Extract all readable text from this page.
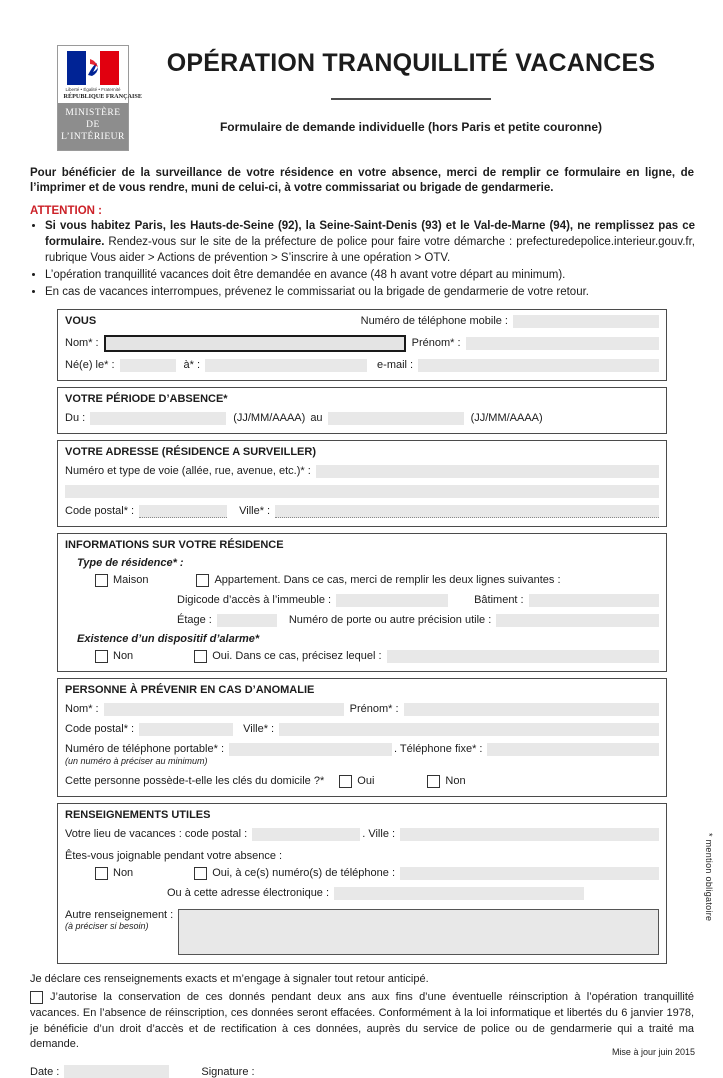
Liberté • Égalité • Fraternité
RÉPUBLIQUE FRANÇAISE
MINISTÈRE
DE
L’INTÉRIEUR
OPÉRATION TRANQUILLITÉ VACANCES
Formulaire de demande individuelle (hors Paris et petite couronne)

Pour bénéficier de la surveillance de votre résidence en votre absence, merci de remplir ce formulaire en ligne, de l’imprimer et de vous rendre, muni de celui-ci, à votre commissariat ou brigade de gendarmerie.

ATTENTION :
• Si vous habitez Paris, les Hauts-de-Seine (92), la Seine-Saint-Denis (93) et le Val-de-Marne (94), ne remplissez pas ce formulaire. Rendez-vous sur le site de la préfecture de police pour faire votre démarche : prefecturedepolice.interieur.gouv.fr, rubrique Vous aider > Actions de prévention > S’inscrire à une opération > OTV.
• L’opération tranquillité vacances doit être demandée en avance (48 h avant votre départ au minimum).
• En cas de vacances interrompues, prévenez le commissariat ou la brigade de gendarmerie de votre retour.
VOUS	Numéro de téléphone mobile :
Nom* :	Prénom* :
Né(e) le* :	à* :	e-mail :
VOTRE PÉRIODE D’ABSENCE*
Du :	(JJ/MM/AAAA) au	(JJ/MM/AAAA)
VOTRE ADRESSE (RÉSIDENCE A SURVEILLER)
Numéro et type de voie (allée, rue, avenue, etc.)* :
Code postal* :	Ville* :
INFORMATIONS SUR VOTRE RÉSIDENCE
Type de résidence* :
Maison	Appartement. Dans ce cas, merci de remplir les deux lignes suivantes :
Digicode d’accès à l’immeuble :	Bâtiment :
Étage :	Numéro de porte ou autre précision utile :
Existence d’un dispositif d’alarme*
Non	Oui. Dans ce cas, précisez lequel :
PERSONNE À PRÉVENIR EN CAS D’ANOMALIE
Nom* :	Prénom* :
Code postal* :	Ville* :
Numéro de téléphone portable* :	. Téléphone fixe* :
(un numéro à préciser au minimum)
Cette personne possède-t-elle les clés du domicile ?*	Oui	Non
RENSEIGNEMENTS UTILES
Votre lieu de vacances : code postal :	. Ville :
Êtes-vous joignable pendant votre absence :
Non	Oui, à ce(s) numéro(s) de téléphone :
Ou à cette adresse électronique :
Autre renseignement :
(à préciser si besoin)
Je déclare ces renseignements exacts et m’engage à signaler tout retour anticipé.
J’autorise la conservation de ces donnés pendant deux ans aux fins d’une éventuelle réinscription à l’opération tranquillité vacances. En l’absence de réinscription, ces données seront effacées. Conformément à la loi informatique et libertés du 6 janvier 1978, je bénéficie d’un droit d’accès et de rectification à ces données, auprès du service de police ou de gendarmerie qui a traité ma demande.
Date :	Signature :
Mise à jour juin 2015
* mention obligatoire
